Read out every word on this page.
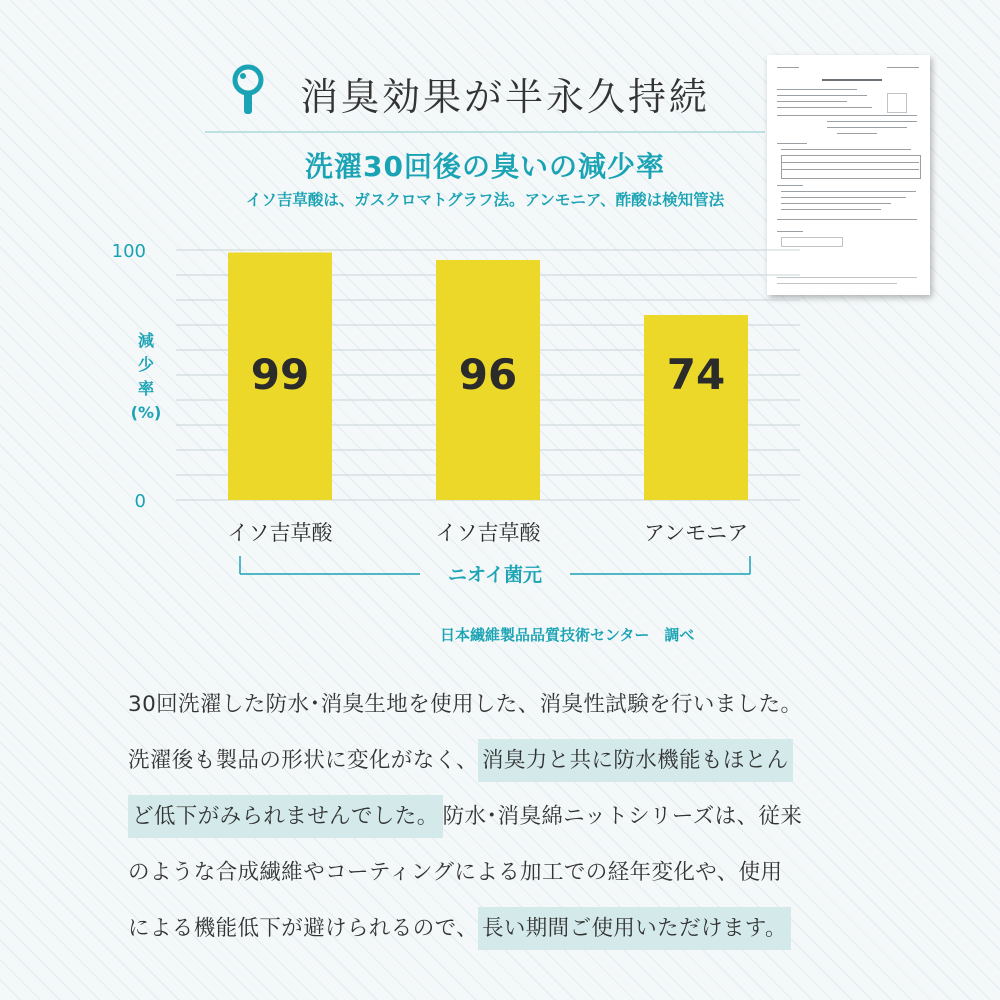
消臭効果が半永久持続
洗濯30回後の臭いの減少率
イソ吉草酸は、ガスクロマトグラフ法。アンモニア、酢酸は検知管法
99	96	74
100
0
減
少
率
(%)
イソ吉草酸	イソ吉草酸	アンモニア
ニオイ菌元
日本繊維製品品質技術センター　調べ
30回洗濯した防水･消臭生地を使用した、消臭性試験を行いました。
洗濯後も製品の形状に変化がなく、 消臭力と共に防水機能もほとん
ど低下がみられませんでした。 防水･消臭綿ニットシリーズは、従来
のような合成繊維やコーティングによる加工での経年変化や、使用
による機能低下が避けられるので、 長い期間ご使用いただけます。
